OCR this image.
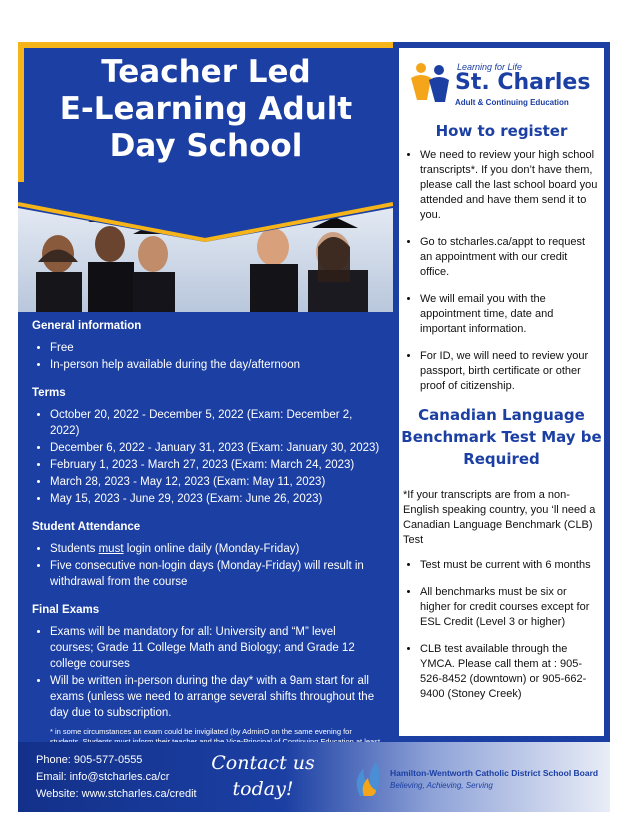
Teacher Led
E-Learning Adult
Day School
General information
• Free
• In-person help available during the day/afternoon
Terms
• October 20, 2022 - December 5, 2022 (Exam: December 2, 2022)
• December 6, 2022 - January 31, 2023 (Exam: January 30, 2023)
• February 1, 2023 - March 27, 2023 (Exam: March 24, 2023)
• March 28, 2023 - May 12, 2023 (Exam: May 11, 2023)
• May 15, 2023 - June 29, 2023 (Exam: June 26, 2023)
Student Attendance
• Students must login online daily (Monday-Friday)
• Five consecutive non-login days (Monday-Friday) will result in withdrawal from the course
Final Exams
• Exams will be mandatory for all: University and “M” level courses; Grade 11 College Math and Biology; and Grade 12 college courses
• Will be written in-person during the day* with a 9am start for all exams (unless we need to arrange several shifts throughout the day due to subscription.
* in some circumstances an exam could be invigilated (by AdminO on the same evening for
Learning for Life
St. Charles
Adult & Continuing Education
How to register
• We need to review your high school transcripts*. If you don’t have them, please call the last school board you attended and have them send it to you.
• Go to stcharles.ca/appt to request an appointment with our credit office.
• We will email you with the appointment time, date and important information.
• For ID, we will need to review your passport, birth certificate or other proof of citizenship.
Canadian Language Benchmark Test May be Required
*If your transcripts are from a non-English speaking country, you ‘ll need a Canadian Language Benchmark (CLB) Test
• Test must be current with 6 months
• All benchmarks must be six or higher for credit courses except for ESL Credit (Level 3 or higher)
• CLB test available through the YMCA. Please call them at : 905-526-8452 (downtown) or 905-662-9400 (Stoney Creek)
Phone: 905-577-0555
Email: info@stcharles.ca/cr
Website: www.stcharles.ca/credit
Contact us
today!
Hamilton-Wentworth Catholic District School Board
Believing, Achieving, Serving
